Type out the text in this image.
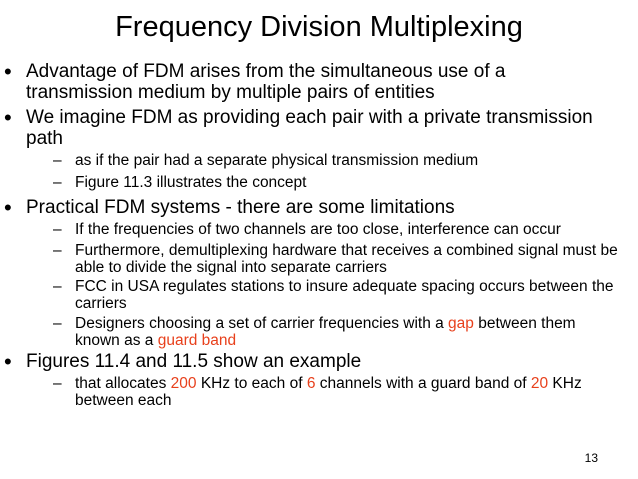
Frequency Division Multiplexing
• Advantage of FDM arises from the simultaneous use of a transmission medium by multiple pairs of entities
• We imagine FDM as providing each pair with a private transmission path
– as if the pair had a separate physical transmission medium
– Figure 11.3 illustrates the concept
• Practical FDM systems - there are some limitations
– If the frequencies of two channels are too close, interference can occur
– Furthermore, demultiplexing hardware that receives a combined signal must be able to divide the signal into separate carriers
– FCC in USA regulates stations to insure adequate spacing occurs between the carriers
– Designers choosing a set of carrier frequencies with a gap between them known as a guard band
• Figures 11.4 and 11.5 show an example
– that allocates 200 KHz to each of 6 channels with a guard band of 20 KHz between each
13
